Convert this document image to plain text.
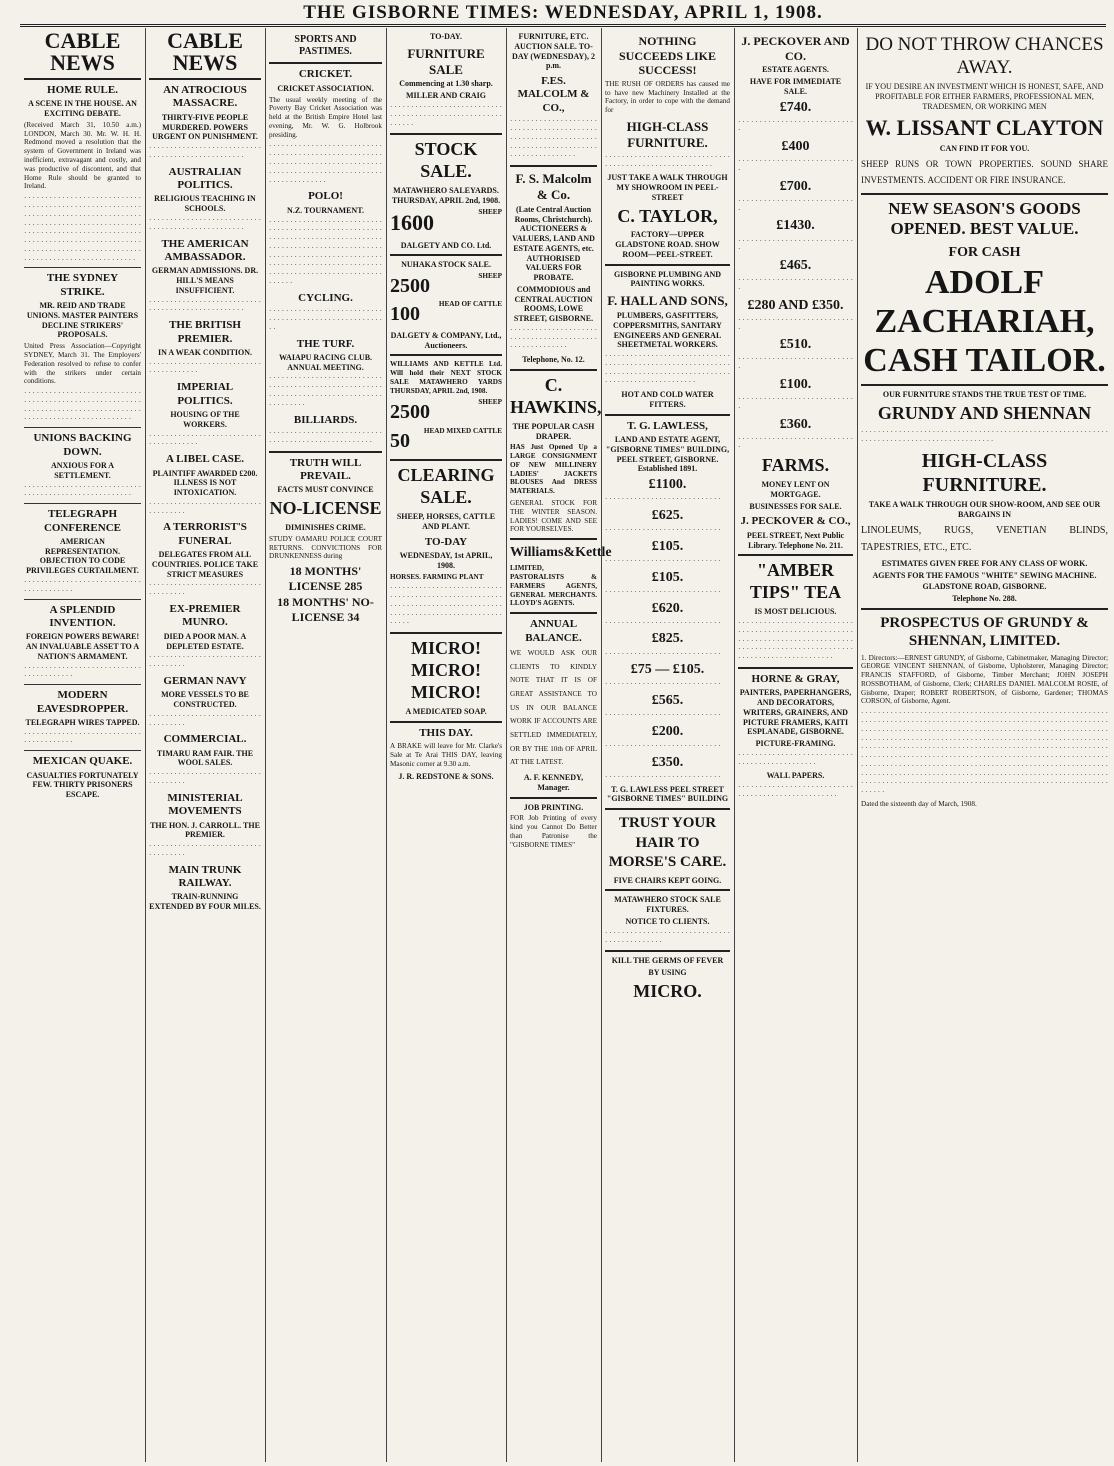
THE GISBORNE TIMES: WEDNESDAY, APRIL 1, 1908.
CABLE NEWS
HOME RULE.
A SCENE IN THE HOUSE. AN EXCITING DEBATE.

(Received March 31, 10.50 a.m.) LONDON, March 30. Mr. W. H. H. Redmond moved a resolution that the system of Government in Ireland was inefficient, extravagant and costly, and was productive of discontent, and that Home Rule should be granted to Ireland.

· · · · · · · · · · · · · · · · · · · · · · · · · · · · · · · · · · · · · · · · · · · · · · · · · · · · · · · · · · · · · · · · · · · · · · · · · · · · · · · · · · · · · · · · · · · · · · · · · · · · · · · · · · · · · · · · · · · · · · · · · · · · · · · · · · · · · · · · · · · · · · · · · · · · · · · · · · · · · · · · · · · · · · · · · · · · · · · · · · · · · · · · · · · · · · · · · · · · · · · · · · · · · · · · · · · · · · · · · · · · · · ·

THE SYDNEY STRIKE.
MR. REID AND TRADE UNIONS. MASTER PAINTERS DECLINE STRIKERS' PROPOSALS.

United Press Association—Copyright SYDNEY, March 31. The Employers' Federation resolved to refuse to confer with the strikers under certain conditions.

· · · · · · · · · · · · · · · · · · · · · · · · · · · · · · · · · · · · · · · · · · · · · · · · · · · · · · · · · · · · · · · · · · · · · · · · · · · · · · · · · · · · · · · · · · · · · · · · · · · · · · · · · · · · · ·

UNIONS BACKING DOWN.
ANXIOUS FOR A SETTLEMENT.

· · · · · · · · · · · · · · · · · · · · · · · · · · · · · · · · · · · · · · · · · · · · · · · · · · · · · ·

TELEGRAPH CONFERENCE
AMERICAN REPRESENTATION. OBJECTION TO CODE PRIVILEGES CURTAILMENT.

· · · · · · · · · · · · · · · · · · · · · · · · · · · · · · · · · · · · · · · ·

A SPLENDID INVENTION.
FOREIGN POWERS BEWARE! AN INVALUABLE ASSET TO A NATION'S ARMAMENT.

· · · · · · · · · · · · · · · · · · · · · · · · · · · · · · · · · · · · · · · ·

MODERN EAVESDROPPER.
TELEGRAPH WIRES TAPPED.

· · · · · · · · · · · · · · · · · · · · · · · · · · · · · · · · · · · · · · · ·

MEXICAN QUAKE.
CASUALTIES FORTUNATELY FEW. THIRTY PRISONERS ESCAPE.
CABLE NEWS
AN ATROCIOUS MASSACRE.
THIRTY-FIVE PEOPLE MURDERED. POWERS URGENT ON PUNISHMENT.

· · · · · · · · · · · · · · · · · · · · · · · · · · · · · · · · · · · · · · · · · · · · · · · · · ·

AUSTRALIAN POLITICS.
RELIGIOUS TEACHING IN SCHOOLS.

· · · · · · · · · · · · · · · · · · · · · · · · · · · · · · · · · · · · · · · · · · · · · · · · · ·

THE AMERICAN AMBASSADOR.
GERMAN ADMISSIONS. DR. HILL'S MEANS INSUFFICIENT.

· · · · · · · · · · · · · · · · · · · · · · · · · · · · · · · · · · · · · · · · · · · · · · · · · ·

THE BRITISH PREMIER.
IN A WEAK CONDITION.

· · · · · · · · · · · · · · · · · · · · · · · · · · · · · · · · · · · · · · ·

IMPERIAL POLITICS.
HOUSING OF THE WORKERS.

· · · · · · · · · · · · · · · · · · · · · · · · · · · · · · · · · · · · · · ·

A LIBEL CASE.
PLAINTIFF AWARDED £200. ILLNESS IS NOT INTOXICATION.

· · · · · · · · · · · · · · · · · · · · · · · · · · · · · · · · · · · ·

A TERRORIST'S FUNERAL
DELEGATES FROM ALL COUNTRIES. POLICE TAKE STRICT MEASURES

· · · · · · · · · · · · · · · · · · · · · · · · · · · · · · · · · · · ·

EX-PREMIER MUNRO.
DIED A POOR MAN. A DEPLETED ESTATE.

· · · · · · · · · · · · · · · · · · · · · · · · · · · · · · · · · · · ·

GERMAN NAVY
MORE VESSELS TO BE CONSTRUCTED.

· · · · · · · · · · · · · · · · · · · · · · · · · · · · · · · · · · · ·

COMMERCIAL.
TIMARU RAM FAIR. THE WOOL SALES.

· · · · · · · · · · · · · · · · · · · · · · · · · · · · · · · · · · · ·

MINISTERIAL MOVEMENTS
THE HON. J. CARROLL. THE PREMIER.

· · · · · · · · · · · · · · · · · · · · · · · · · · · · · · · · · · · ·

MAIN TRUNK RAILWAY.
TRAIN-RUNNING EXTENDED BY FOUR MILES.
SPORTS AND PASTIMES.
CRICKET.
CRICKET ASSOCIATION.

The usual weekly meeting of the Poverty Bay Cricket Association was held at the British Empire Hotel last evening, Mr. W. G. Holbrook presiding.

· · · · · · · · · · · · · · · · · · · · · · · · · · · · · · · · · · · · · · · · · · · · · · · · · · · · · · · · · · · · · · · · · · · · · · · · · · · · · · · · · · · · · · · · · · · · · · · · · · · · · · · · · · · · · · · · · · · · · · · · · ·

POLO!
N.Z. TOURNAMENT.

· · · · · · · · · · · · · · · · · · · · · · · · · · · · · · · · · · · · · · · · · · · · · · · · · · · · · · · · · · · · · · · · · · · · · · · · · · · · · · · · · · · · · · · · · · · · · · · · · · · · · · · · · · · · · · · · · · · · · · · · · · · · · · · · · · · · · · · · · · · · · · · · · · · · · · · · · · · · · · · · · · · · · · · · · · · · · · · · · · · · · · · · · · · · · · · · · · ·

CYCLING.

· · · · · · · · · · · · · · · · · · · · · · · · · · · · · · · · · · · · · · · · · · · · · · · · · · · · · · · ·

THE TURF.
WAIAPU RACING CLUB. ANNUAL MEETING.

· · · · · · · · · · · · · · · · · · · · · · · · · · · · · · · · · · · · · · · · · · · · · · · · · · · · · · · · · · · · · · · · · · · · · · · · · · · · · · · · · · · · · · · · · ·

BILLIARDS.

· · · · · · · · · · · · · · · · · · · · · · · · · · · · · · · · · · · · · · · · · · · · · · · · · · · ·

TRUTH WILL PREVAIL.
FACTS MUST CONVINCE
NO-LICENSE
DIMINISHES CRIME.

STUDY OAMARU POLICE COURT RETURNS. CONVICTIONS FOR DRUNKENNESS during

18 MONTHS' LICENSE 285
18 MONTHS' NO-LICENSE 34
TO-DAY.
FURNITURE SALE
Commencing at 1.30 sharp.
MILLER AND CRAIG

· · · · · · · · · · · · · · · · · · · · · · · · · · · · · · · · · · · · · · · · · · · · · · · · · · · · · · · · · · · ·

STOCK SALE.
MATAWHERO SALEYARDS. THURSDAY, APRIL 2nd, 1908.
1600	SHEEP
DALGETY AND CO. Ltd.
NUHAKA STOCK SALE.
2500	SHEEP
100	HEAD OF CATTLE
DALGETY & COMPANY, Ltd., Auctioneers.

WILLIAMS AND KETTLE Ltd. Will hold their NEXT STOCK SALE MATAWHERO YARDS THURSDAY, APRIL 2nd, 1908.

2500	SHEEP
50 HEAD MIXED CATTLE
CLEARING SALE.
SHEEP, HORSES, CATTLE AND PLANT.
TO-DAY
WEDNESDAY, 1st APRIL, 1908.

HORSES. FARMING PLANT

· · · · · · · · · · · · · · · · · · · · · · · · · · · · · · · · · · · · · · · · · · · · · · · · · · · · · · · · · · · · · · · · · · · · · · · · · · · · · · · · · · · · · · · · · · · · · · · · · · · · · · · · · · · · · · · · ·

MICRO! MICRO! MICRO!
A MEDICATED SOAP.
THIS DAY.

A BRAKE will leave for Mr. Clarke's Sale at Te Arai THIS DAY, leaving Masonic corner at 9.30 a.m.

J. R. REDSTONE & SONS.
FURNITURE, ETC. AUCTION SALE. TO-DAY (WEDNESDAY), 2 p.m.
F.ES. MALCOLM & CO.,

· · · · · · · · · · · · · · · · · · · · · · · · · · · · · · · · · · · · · · · · · · · · · · · · · · · · · · · · · · · · · · · · · · · · · · · · · · · · · · · · · · · · · · · · · · · · · · · · · · · ·

F. S. Malcolm & Co.
(Late Central Auction Rooms, Christchurch). AUCTIONEERS & VALUERS, LAND AND ESTATE AGENTS, etc. AUTHORISED VALUERS FOR PROBATE.
COMMODIOUS and CENTRAL AUCTION ROOMS, LOWE STREET, GISBORNE.

· · · · · · · · · · · · · · · · · · · · · · · · · · · · · · · · · · · · · · · · · · · · · · · · · · · · · · · ·

Telephone, No. 12.
C. HAWKINS,
THE POPULAR CASH DRAPER.

HAS Just Opened Up a LARGE CONSIGNMENT OF NEW MILLINERY LADIES' JACKETS BLOUSES And DRESS MATERIALS.

GENERAL STOCK FOR THE WINTER SEASON. LADIES! COME AND SEE FOR YOURSELVES.

Williams&Kettle

LIMITED, PASTORALISTS & FARMERS AGENTS, GENERAL MERCHANTS. LLOYD'S AGENTS.

ANNUAL BALANCE.

WE WOULD ASK OUR CLIENTS TO KINDLY NOTE THAT IT IS OF GREAT ASSISTANCE TO US IN OUR BALANCE WORK IF ACCOUNTS ARE SETTLED IMMEDIATELY, OR BY THE 10th OF APRIL AT THE LATEST.

A. F. KENNEDY, Manager.
JOB PRINTING.

FOR Job Printing of every kind you Cannot Do Better than Patronise the "GISBORNE TIMES"

NOTHING SUCCEEDS LIKE SUCCESS!

THE RUSH OF ORDERS has caused me to have new Machinery Installed at the Factory, in order to cope with the demand for

HIGH-CLASS FURNITURE.

· · · · · · · · · · · · · · · · · · · · · · · · · · · · · · · · · · · · · · · · · · · · · · · · · · · · · · · ·

JUST TAKE A WALK THROUGH MY SHOWROOM IN PEEL-STREET
C. TAYLOR,
FACTORY—UPPER GLADSTONE ROAD. SHOW ROOM—PEEL-STREET.
GISBORNE PLUMBING AND PAINTING WORKS.
F. HALL AND SONS,
PLUMBERS, GASFITTERS, COPPERSMITHS, SANITARY ENGINEERS AND GENERAL SHEETMETAL WORKERS.

· · · · · · · · · · · · · · · · · · · · · · · · · · · · · · · · · · · · · · · · · · · · · · · · · · · · · · · · · · · · · · · · · · · · · · · · · · · · · · · · · · · · · · · · · · · · · · · · · · · · · · · · · · · · · · · ·

HOT AND COLD WATER FITTERS.
T. G. LAWLESS,
LAND AND ESTATE AGENT, "GISBORNE TIMES" BUILDING, PEEL STREET, GISBORNE. Established 1891.
£1100.

· · · · · · · · · · · · · · · · · · · · · · · · · · · ·

£625.

· · · · · · · · · · · · · · · · · · · · · · · · · · · ·

£105.

· · · · · · · · · · · · · · · · · · · · · · · · · · · ·

£105.

· · · · · · · · · · · · · · · · · · · · · · · · · · · ·

£620.

· · · · · · · · · · · · · · · · · · · · · · · · · · · ·

£825.

· · · · · · · · · · · · · · · · · · · · · · · · · · · ·

£75 — £105.

· · · · · · · · · · · · · · · · · · · · · · · · · · · ·

£565.

· · · · · · · · · · · · · · · · · · · · · · · · · · · ·

£200.

· · · · · · · · · · · · · · · · · · · · · · · · · · · ·

£350.

· · · · · · · · · · · · · · · · · · · · · · · · · · · ·

T. G. LAWLESS PEEL STREET "GISBORNE TIMES" BUILDING
TRUST YOUR HAIR TO MORSE'S CARE.
FIVE CHAIRS KEPT GOING.
MATAWHERO STOCK SALE FIXTURES.
NOTICE TO CLIENTS.

· · · · · · · · · · · · · · · · · · · · · · · · · · · · · · · · · · · · · · · · · · · ·

KILL THE GERMS OF FEVER
BY USING
MICRO.
J. PECKOVER AND CO.
ESTATE AGENTS.
HAVE FOR IMMEDIATE SALE.
£740.

· · · · · · · · · · · · · · · · · · · · · · · · · · · ·

£400

· · · · · · · · · · · · · · · · · · · · · · · · · · · ·

£700.

· · · · · · · · · · · · · · · · · · · · · · · · · · · ·

£1430.

· · · · · · · · · · · · · · · · · · · · · · · · · · · ·

£465.

· · · · · · · · · · · · · · · · · · · · · · · · · · · ·

£280 AND £350.

· · · · · · · · · · · · · · · · · · · · · · · · · · · ·

£510.

· · · · · · · · · · · · · · · · · · · · · · · · · · · ·

£100.

· · · · · · · · · · · · · · · · · · · · · · · · · · · ·

£360.

· · · · · · · · · · · · · · · · · · · · · · · · · · · ·

FARMS.
MONEY LENT ON MORTGAGE.
BUSINESSES FOR SALE.
J. PECKOVER & CO.,
PEEL STREET, Next Public Library. Telephone No. 211.
"AMBER TIPS" TEA
IS MOST DELICIOUS.

· · · · · · · · · · · · · · · · · · · · · · · · · · · · · · · · · · · · · · · · · · · · · · · · · · · · · · · · · · · · · · · · · · · · · · · · · · · · · · · · · · · · · · · · · · · · · · · · · · · · · · · · · · · · · · · · · · · · · · · · · · · · · · · · · · ·

HORNE & GRAY,
PAINTERS, PAPERHANGERS, AND DECORATORS, WRITERS, GRAINERS, AND PICTURE FRAMERS, KAITI ESPLANADE, GISBORNE.
PICTURE-FRAMING.

· · · · · · · · · · · · · · · · · · · · · · · · · · · · · · · · · · · · · · · · · · · · · ·

WALL PAPERS.

· · · · · · · · · · · · · · · · · · · · · · · · · · · · · · · · · · · · · · · · · · · · · · · · · · ·

DO NOT THROW CHANCES AWAY.
IF YOU DESIRE AN INVESTMENT WHICH IS HONEST, SAFE, AND PROFITABLE FOR EITHER FARMERS, PROFESSIONAL MEN, TRADESMEN, OR WORKING MEN
W. LISSANT CLAYTON
CAN FIND IT FOR YOU.

SHEEP RUNS OR TOWN PROPERTIES. SOUND SHARE INVESTMENTS. ACCIDENT OR FIRE INSURANCE.

NEW SEASON'S GOODS OPENED. BEST VALUE.
FOR CASH
ADOLF ZACHARIAH, CASH TAILOR.
OUR FURNITURE STANDS THE TRUE TEST OF TIME.
GRUNDY AND SHENNAN

· · · · · · · · · · · · · · · · · · · · · · · · · · · · · · · · · · · · · · · · · · · · · · · · · · · · · · · · · · · · · · · · · · · · · · · · · · · · · · · · · · · · · · · · · · ·

HIGH-CLASS FURNITURE.
TAKE A WALK THROUGH OUR SHOW-ROOM, AND SEE OUR BARGAINS IN

LINOLEUMS, RUGS, VENETIAN BLINDS, TAPESTRIES, ETC., ETC.

ESTIMATES GIVEN FREE FOR ANY CLASS OF WORK.
AGENTS FOR THE FAMOUS "WHITE" SEWING MACHINE.
GLADSTONE ROAD, GISBORNE.
Telephone No. 288.
PROSPECTUS OF GRUNDY & SHENNAN, LIMITED.

1. Directors:—ERNEST GRUNDY, of Gisborne, Cabinetmaker, Managing Director; GEORGE VINCENT SHENNAN, of Gisborne, Upholsterer, Managing Director; FRANCIS STAFFORD, of Gisborne, Timber Merchant; JOHN JOSEPH ROSSBOTHAM, of Gisborne, Clerk; CHARLES DANIEL MALCOLM ROSIE, of Gisborne, Draper; ROBERT ROBERTSON, of Gisborne, Gardener; THOMAS CORSON, of Gisborne, Agent.

· · · · · · · · · · · · · · · · · · · · · · · · · · · · · · · · · · · · · · · · · · · · · · · · · · · · · · · · · · · · · · · · · · · · · · · · · · · · · · · · · · · · · · · · · · · · · · · · · · · · · · · · · · · · · · · · · · · · · · · · · · · · · · · · · · · · · · · · · · · · · · · · · · · · · · · · · · · · · · · · · · · · · · · · · · · · · · · · · · · · · · · · · · · · · · · · · · · · · · · · · · · · · · · · · · · · · · · · · · · · · · · · · · · · · · · · · · · · · · · · · · · · · · · · · · · · · · · · · · · · · · · · · · · · · · · · · · · · · · · · · · · · · · · · · · · · · · · · · · · · · · · · · · · · · · · · · · · · · · · · · · · · · · · · · · · · · · · · · · · · · · · · · · · · · · · · · · · · · · · · · · · · · · · · · · · · · · · · · · · · · · · · · · · · · · · · · · · · · · · · · · · · · · · · · · · · · · · · · · · · · · · · · · · · · · · · · · · · · · · · · · · · · · · · · · · · · · · · · · · · · · · · · · · · · · · · · · · · · · · · · · · · · · · · · · · · · · · · · · · · · · · · · · · · · · · · · · · · · · · · · · · · · · · · · · · · · · · · ·

Dated the sixteenth day of March, 1908.
